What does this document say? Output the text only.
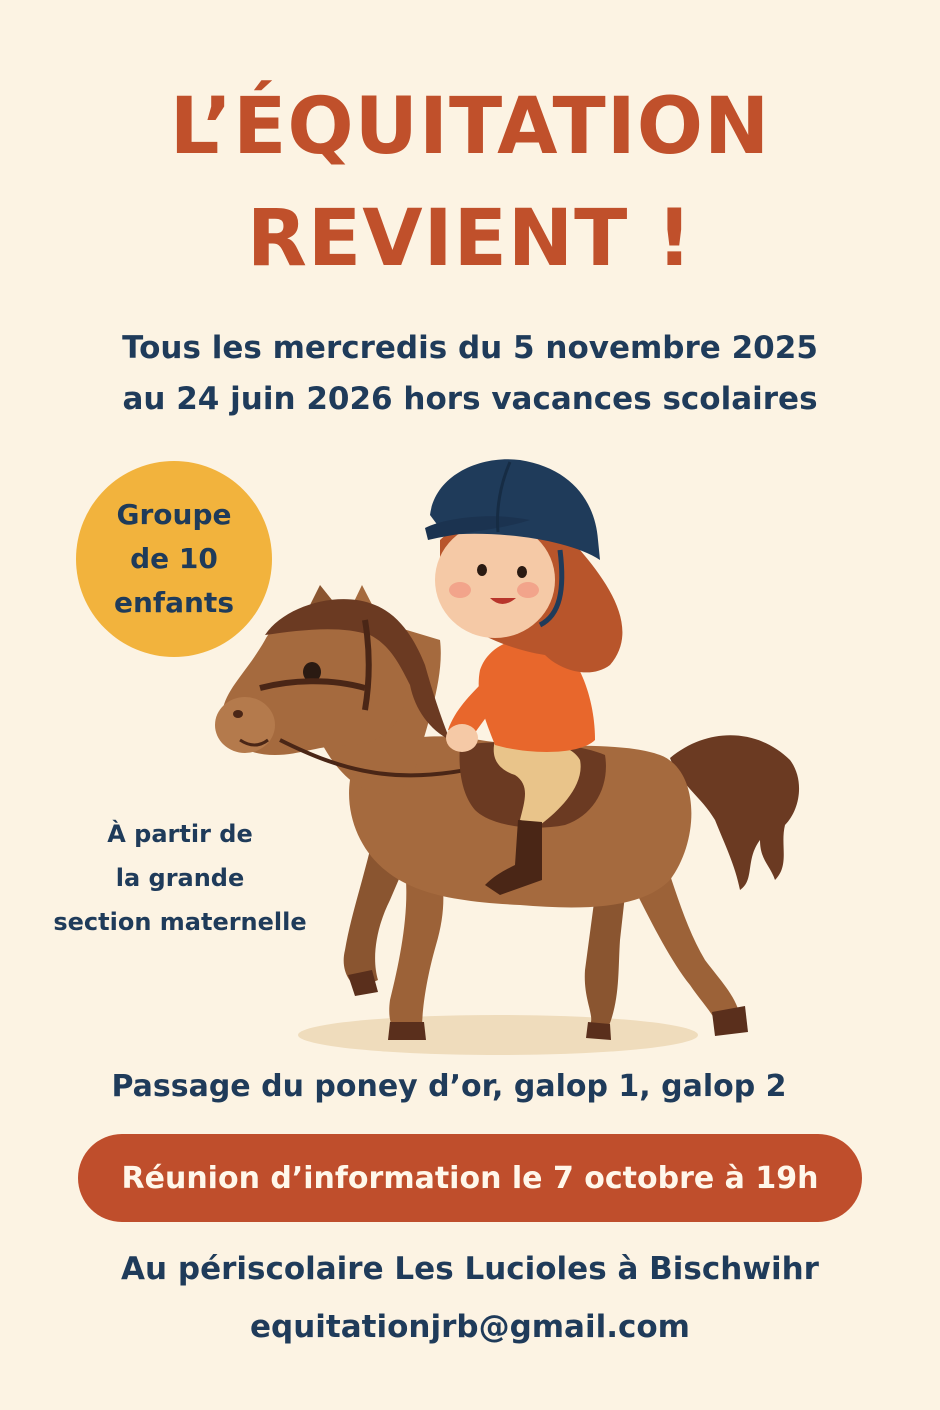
L’ÉQUITATION
REVIENT !

Tous les mercredis du 5 novembre 2025

au 24 juin 2026 hors vacances scolaires

Groupe
de 10
enfants
À partir de
la grande
section maternelle

Passage du poney d’or, galop 1, galop 2

Réunion d’information le 7 octobre à 19h

Au périscolaire Les Lucioles à Bischwihr

equitationjrb@gmail.com
